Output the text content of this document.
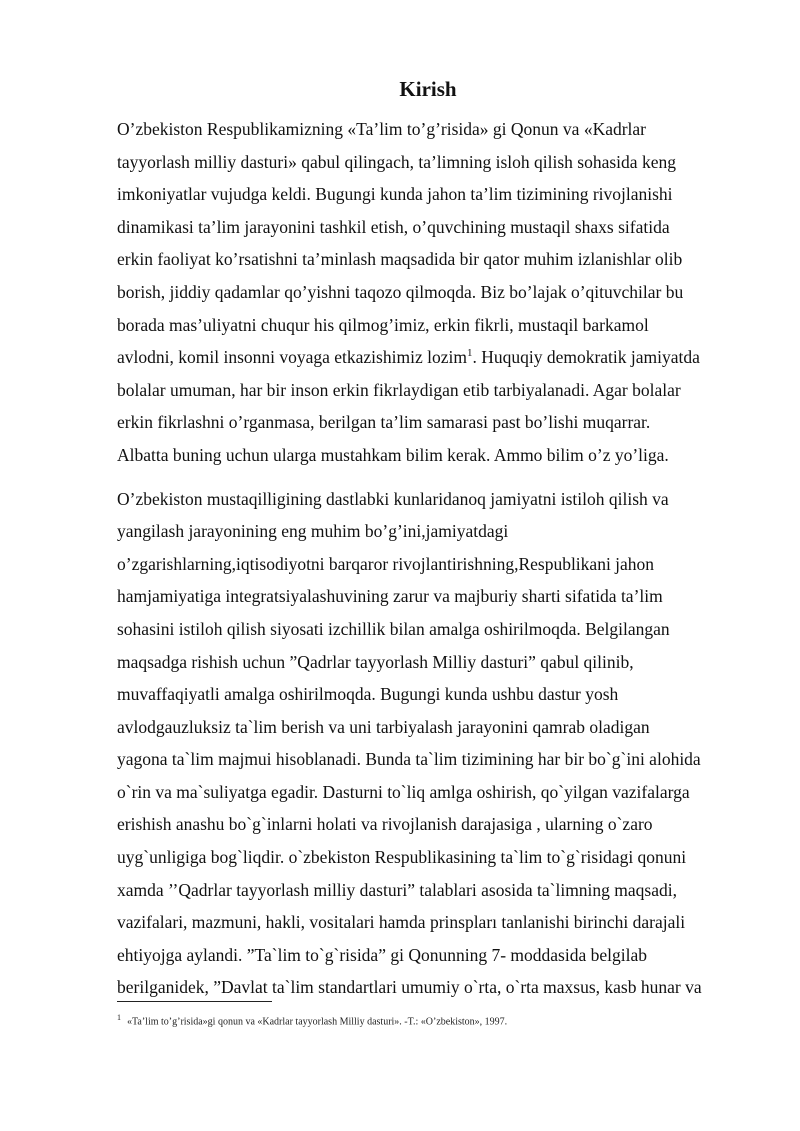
Kirish

O’zbekiston Respublikamizning «Ta’lim to’g’risida» gi Qonun va «Kadrlar
tayyorlash milliy dasturi» qabul qilingach, ta’limning isloh qilish sohasida keng
imkoniyatlar vujudga keldi. Bugungi kunda jahon ta’lim tizimining rivojlanishi
dinamikasi ta’lim jarayonini tashkil etish, o’quvchining mustaqil shaxs sifatida
erkin faoliyat ko’rsatishni ta’minlash maqsadida bir qator muhim izlanishlar olib
borish, jiddiy qadamlar qo’yishni taqozo qilmoqda. Biz bo’lajak o’qituvchilar bu
borada mas’uliyatni chuqur his qilmog’imiz, erkin fikrli, mustaqil barkamol
avlodni, komil insonni voyaga etkazishimiz lozim$^1$. Huquqiy demokratik jamiyatda
bolalar umuman, har bir inson erkin fikrlaydigan etib tarbiyalanadi. Agar bolalar
erkin fikrlashni o’rganmasa, berilgan ta’lim samarasi past bo’lishi muqarrar.
Albatta buning uchun ularga mustahkam bilim kerak. Ammo bilim o’z yo’liga.

O’zbekiston mustaqilligining dastlabki kunlaridanoq jamiyatni istiloh qilish va
yangilash jarayonining eng muhim bo’g’ini,jamiyatdagi
o’zgarishlarning,iqtisodiyotni barqaror rivojlantirishning,Respublikani jahon
hamjamiyatiga integratsiyalashuvining zarur va majburiy sharti sifatida ta’lim
sohasini istiloh qilish siyosati izchillik bilan amalga oshirilmoqda. Belgilangan
maqsadga rishish uchun ”Qadrlar tayyorlash Milliy dasturi” qabul qilinib,
muvaffaqiyatli amalga oshirilmoqda. Bugungi kunda ushbu dastur yosh
avlodgauzluksiz ta`lim berish va uni tarbiyalash jarayonini qamrab oladigan
yagona ta`lim majmui hisoblanadi. Bunda ta`lim tizimining har bir bo`g`ini alohida
o`rin va ma`suliyatga egadir. Dasturni to`liq amlga oshirish, qo`yilgan vazifalarga
erishish anashu bo`g`inlarni holati va rivojlanish darajasiga , ularning o`zaro
uyg`unligiga bog`liqdir. o`zbekiston Respublikasining ta`lim to`g`risidagi qonuni
xamda ’’Qadrlar tayyorlash milliy dasturi” talablari asosida ta`limning maqsadi,
vazifalari, mazmuni, hakli, vositalari hamda prinspları tanlanishi birinchi darajali
ehtiyojga aylandi. ”Ta`lim to`g`risida” gi Qonunning 7- moddasida belgilab
berilganidek, ”Davlat ta`lim standartlari umumiy o`rta, o`rta maxsus, kasb hunar va

$^1$ «Ta’lim to’g’risida»gi qonun va «Kadrlar tayyorlash Milliy dasturi». -T.: «O’zbekiston», 1997.
